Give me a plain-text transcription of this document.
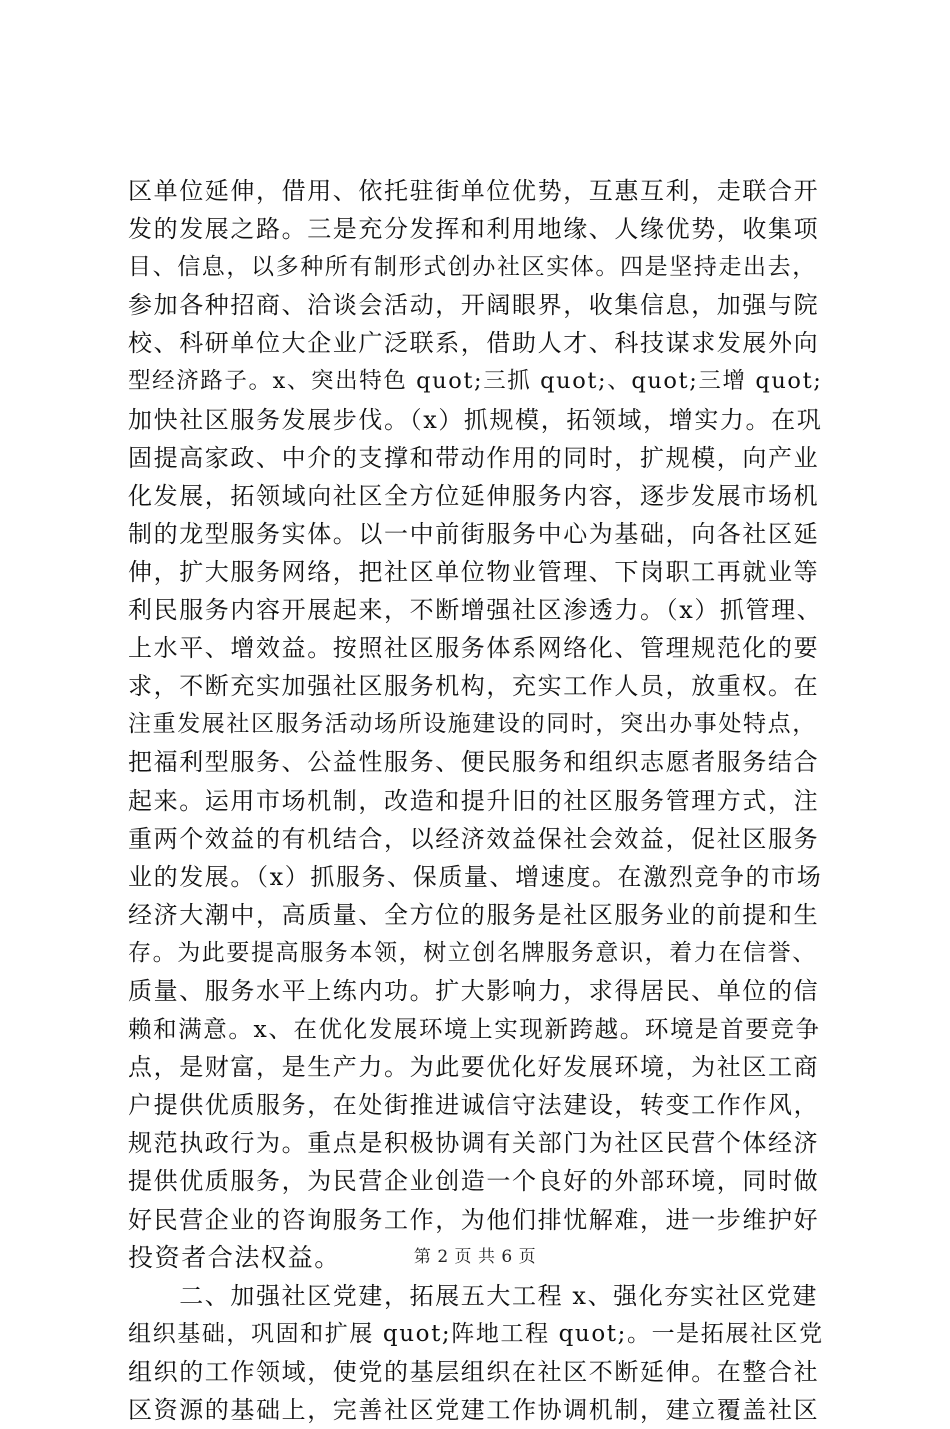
区单位延伸，借用、依托驻街单位优势，互惠互利，走联合开
发的发展之路。三是充分发挥和利用地缘、人缘优势，收集项
目、信息，以多种所有制形式创办社区实体。四是坚持走出去，
参加各种招商、洽谈会活动，开阔眼界，收集信息，加强与院
校、科研单位大企业广泛联系，借助人才、科技谋求发展外向
型经济路子。x、突出特色 quot;三抓 quot;、quot;三增 quot;
加快社区服务发展步伐。（x）抓规模，拓领域，增实力。在巩
固提高家政、中介的支撑和带动作用的同时，扩规模，向产业
化发展，拓领域向社区全方位延伸服务内容，逐步发展市场机
制的龙型服务实体。以一中前街服务中心为基础，向各社区延
伸，扩大服务网络，把社区单位物业管理、下岗职工再就业等
利民服务内容开展起来，不断增强社区渗透力。（x）抓管理、
上水平、增效益。按照社区服务体系网络化、管理规范化的要
求，不断充实加强社区服务机构，充实工作人员，放重权。在
注重发展社区服务活动场所设施建设的同时，突出办事处特点，
把福利型服务、公益性服务、便民服务和组织志愿者服务结合
起来。运用市场机制，改造和提升旧的社区服务管理方式，注
重两个效益的有机结合，以经济效益保社会效益，促社区服务
业的发展。（x）抓服务、保质量、增速度。在激烈竞争的市场
经济大潮中，高质量、全方位的服务是社区服务业的前提和生
存。为此要提高服务本领，树立创名牌服务意识，着力在信誉、
质量、服务水平上练内功。扩大影响力，求得居民、单位的信
赖和满意。x、在优化发展环境上实现新跨越。环境是首要竞争
点，是财富，是生产力。为此要优化好发展环境，为社区工商
户提供优质服务，在处街推进诚信守法建设，转变工作作风，
规范执政行为。重点是积极协调有关部门为社区民营个体经济
提供优质服务，为民营企业创造一个良好的外部环境，同时做
好民营企业的咨询服务工作，为他们排忧解难，进一步维护好
投资者合法权益。
　　二、加强社区党建，拓展五大工程 x、强化夯实社区党建
组织基础，巩固和扩展 quot;阵地工程 quot;。一是拓展社区党
组织的工作领域，使党的基层组织在社区不断延伸。在整合社
区资源的基础上，完善社区党建工作协调机制，建立覆盖社区
第 2 页 共 6 页
